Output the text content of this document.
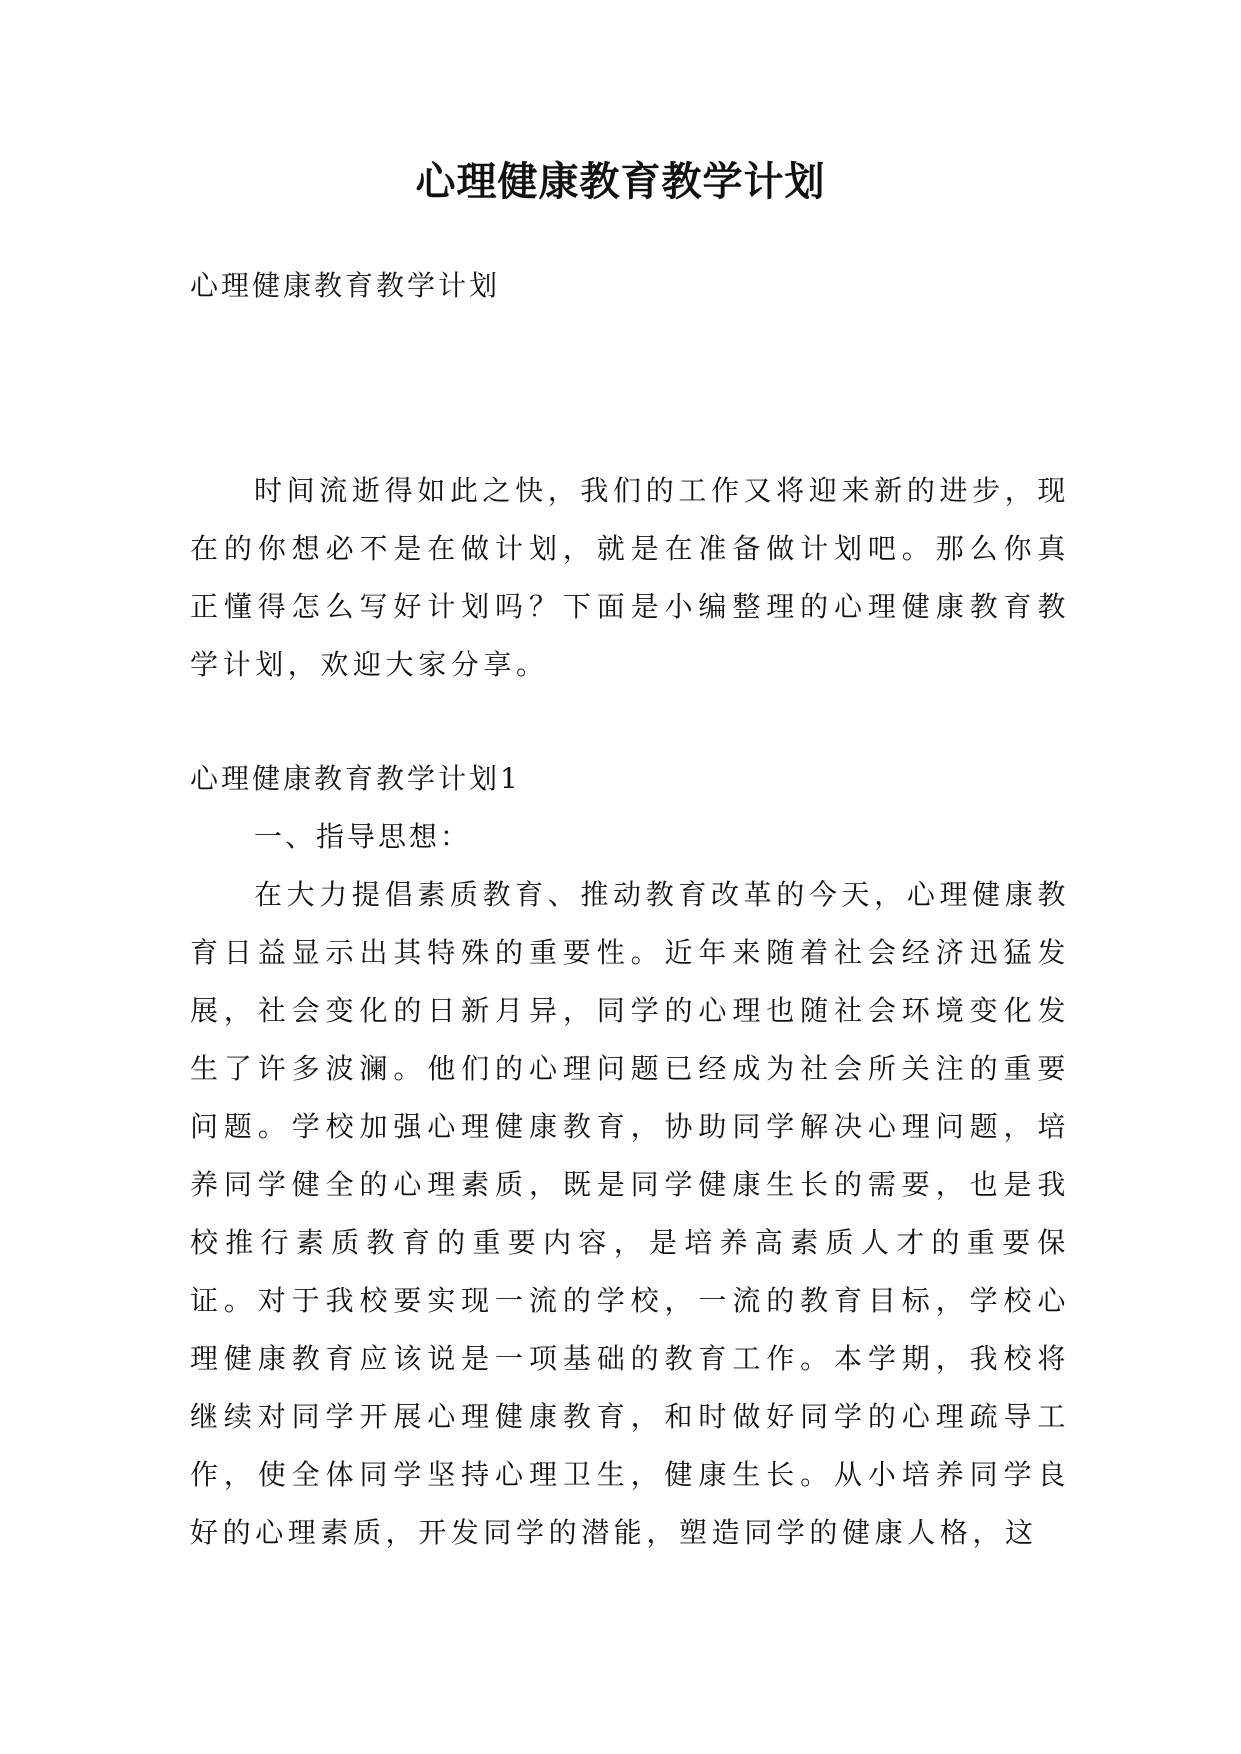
心理健康教育教学计划

心理健康教育教学计划

时间流逝得如此之快，我们的工作又将迎来新的进步，现在的你想必不是在做计划，就是在准备做计划吧。那么你真正懂得怎么写好计划吗？下面是小编整理的心理健康教育教学计划，欢迎大家分享。

心理健康教育教学计划1

一、指导思想：

在大力提倡素质教育、推动教育改革的今天，心理健康教育日益显示出其特殊的重要性。近年来随着社会经济迅猛发展，社会变化的日新月异，同学的心理也随社会环境变化发生了许多波澜。他们的心理问题已经成为社会所关注的重要问题。学校加强心理健康教育，协助同学解决心理问题，培养同学健全的心理素质，既是同学健康生长的需要，也是我校推行素质教育的重要内容，是培养高素质人才的重要保证。对于我校要实现一流的学校，一流的教育目标，学校心理健康教育应该说是一项基础的教育工作。本学期，我校将继续对同学开展心理健康教育，和时做好同学的心理疏导工作，使全体同学坚持心理卫生，健康生长。从小培养同学良好的心理素质，开发同学的潜能，塑造同学的健康人格，这
